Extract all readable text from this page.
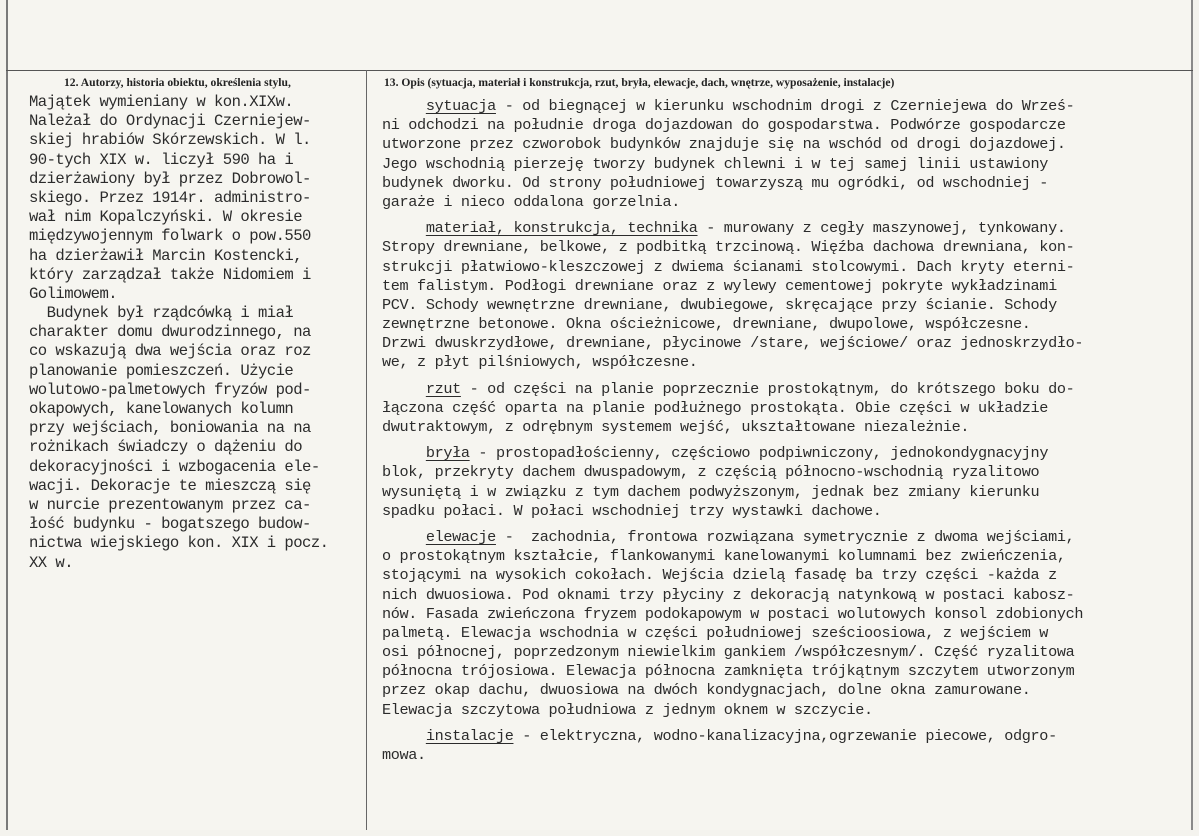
12. Autorzy, historia obiektu, określenia stylu,	13. Opis (sytuacja, materiał i konstrukcja, rzut, bryła, elewacje, dach, wnętrze, wyposażenie, instalacje)
Majątek wymieniany w kon.XIXw.
Należał do Ordynacji Czerniejew-
skiej hrabiów Skórzewskich. W l.
90-tych XIX w. liczył 590 ha i
dzierżawiony był przez Dobrowol-
skiego. Przez 1914r. administro-
wał nim Kopalczyński. W okresie
międzywojennym folwark o pow.550
ha dzierżawił Marcin Kostencki,
który zarządzał także Nidomiem i
Golimowem.
Budynek był rządcówką i miał
charakter domu dwurodzinnego, na
co wskazują dwa wejścia oraz roz
planowanie pomieszczeń. Użycie
wolutowo-palmetowych fryzów pod-
okapowych, kanelowanych kolumn
przy wejściach, boniowania na na
rożnikach świadczy o dążeniu do
dekoracyjności i wzbogacenia ele-
wacji. Dekoracje te mieszczą się
w nurcie prezentowanym przez ca-
łość budynku - bogatszego budow-
nictwa wiejskiego kon. XIX i pocz.
XX w.
sytuacja - od biegnącej w kierunku wschodnim drogi z Czerniejewa do Wrześ-
ni odchodzi na południe droga dojazdowan do gospodarstwa. Podwórze gospodarcze
utworzone przez czworobok budynków znajduje się na wschód od drogi dojazdowej.
Jego wschodnią pierzeję tworzy budynek chlewni i w tej samej linii ustawiony
budynek dworku. Od strony południowej towarzyszą mu ogródki, od wschodniej -
garaże i nieco oddalona gorzelnia.
materiał, konstrukcja, technika - murowany z cegły maszynowej, tynkowany.
Stropy drewniane, belkowe, z podbitką trzcinową. Więźba dachowa drewniana, kon-
strukcji płatwiowo-kleszczowej z dwiema ścianami stolcowymi. Dach kryty eterni-
tem falistym. Podłogi drewniane oraz z wylewy cementowej pokryte wykładzinami
PCV. Schody wewnętrzne drewniane, dwubiegowe, skręcające przy ścianie. Schody
zewnętrzne betonowe. Okna ościeżnicowe, drewniane, dwupolowe, współczesne.
Drzwi dwuskrzydłowe, drewniane, płycinowe /stare, wejściowe/ oraz jednoskrzydło-
we, z płyt pilśniowych, współczesne.
rzut - od części na planie poprzecznie prostokątnym, do krótszego boku do-
łączona część oparta na planie podłużnego prostokąta. Obie części w układzie
dwutraktowym, z odrębnym systemem wejść, ukształtowane niezależnie.
bryła - prostopadłościenny, częściowo podpiwniczony, jednokondygnacyjny
blok, przekryty dachem dwuspadowym, z częścią północno-wschodnią ryzalitowo
wysuniętą i w związku z tym dachem podwyższonym, jednak bez zmiany kierunku
spadku połaci. W połaci wschodniej trzy wystawki dachowe.
elewacje -  zachodnia, frontowa rozwiązana symetrycznie z dwoma wejściami,
o prostokątnym kształcie, flankowanymi kanelowanymi kolumnami bez zwieńczenia,
stojącymi na wysokich cokołach. Wejścia dzielą fasadę ba trzy części -każda z
nich dwuosiowa. Pod oknami trzy płyciny z dekoracją natynkową w postaci kabosz-
nów. Fasada zwieńczona fryzem podokapowym w postaci wolutowych konsol zdobionych
palmetą. Elewacja wschodnia w części południowej sześcioosiowa, z wejściem w
osi północnej, poprzedzonym niewielkim gankiem /współczesnym/. Część ryzalitowa
północna trójosiowa. Elewacja północna zamknięta trójkątnym szczytem utworzonym
przez okap dachu, dwuosiowa na dwóch kondygnacjach, dolne okna zamurowane.
Elewacja szczytowa południowa z jednym oknem w szczycie.
instalacje - elektryczna, wodno-kanalizacyjna,ogrzewanie piecowe, odgro-
mowa.
